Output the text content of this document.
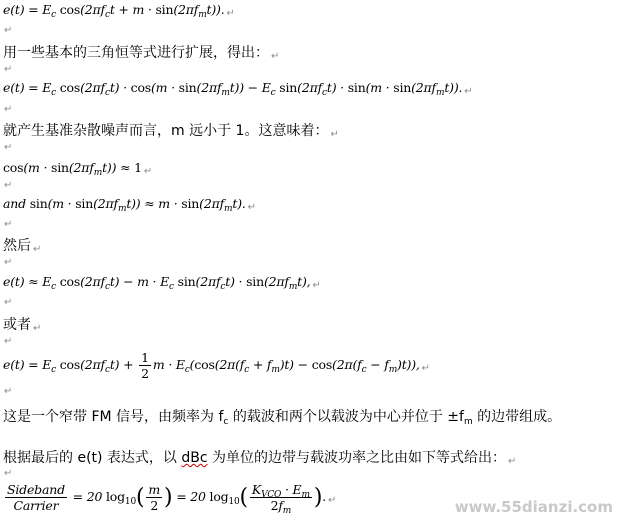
$e(t) = E_c$ $\cos(2\pi f_ct + m \cdot \sin(2\pi f_mt))$. ↵
↵
用一些基本的三角恒等式进行扩展，得出： ↵
↵
$e(t) = E_c$ $\cos(2\pi f_ct) \cdot \cos(m \cdot \sin(2\pi f_mt)) - E_c$ $\sin(2\pi f_ct) \cdot \sin(m \cdot \sin(2\pi f_mt))$. ↵
↵
就产生基准杂散噪声而言，m 远小于 1。这意味着： ↵
↵
$\cos(m \cdot \sin(2\pi f_mt)) \approx 1$ ↵
↵
and $\sin(m \cdot \sin(2\pi f_mt)) \approx m \cdot \sin(2\pi f_mt)$. ↵
↵
然后 ↵
↵
$e(t) \approx E_c$ $\cos(2\pi f_ct) - m \cdot E_c$ $\sin(2\pi f_ct) \cdot \sin(2\pi f_mt)$, ↵
↵
或者 ↵
↵
$e(t) = E_c$ $\cos(2\pi f_ct) + \frac{1}{2}$ $m \cdot E_c(\cos(2\pi(f_c + f_m)t) - \cos(2\pi(f_c - f_m)t))$, ↵
↵
这是一个窄带 FM 信号，由频率为 $f_c$ 的载波和两个以载波为中心并位于 $\pm f_m$ 的边带组成。
根据最后的 e(t) 表达式，以 dBc 为单位的边带与载波功率之比由如下等式给出： ↵
↵
$\frac{\text{Sideband}}{\text{Carrier}} = 20$ $\log_{10}( \frac{m}{2}$ ) = 20 $\log_{10}( \frac{K_{VCO} \cdot E_m}{2f_m}$ ). ↵	www.55dianzi.com
